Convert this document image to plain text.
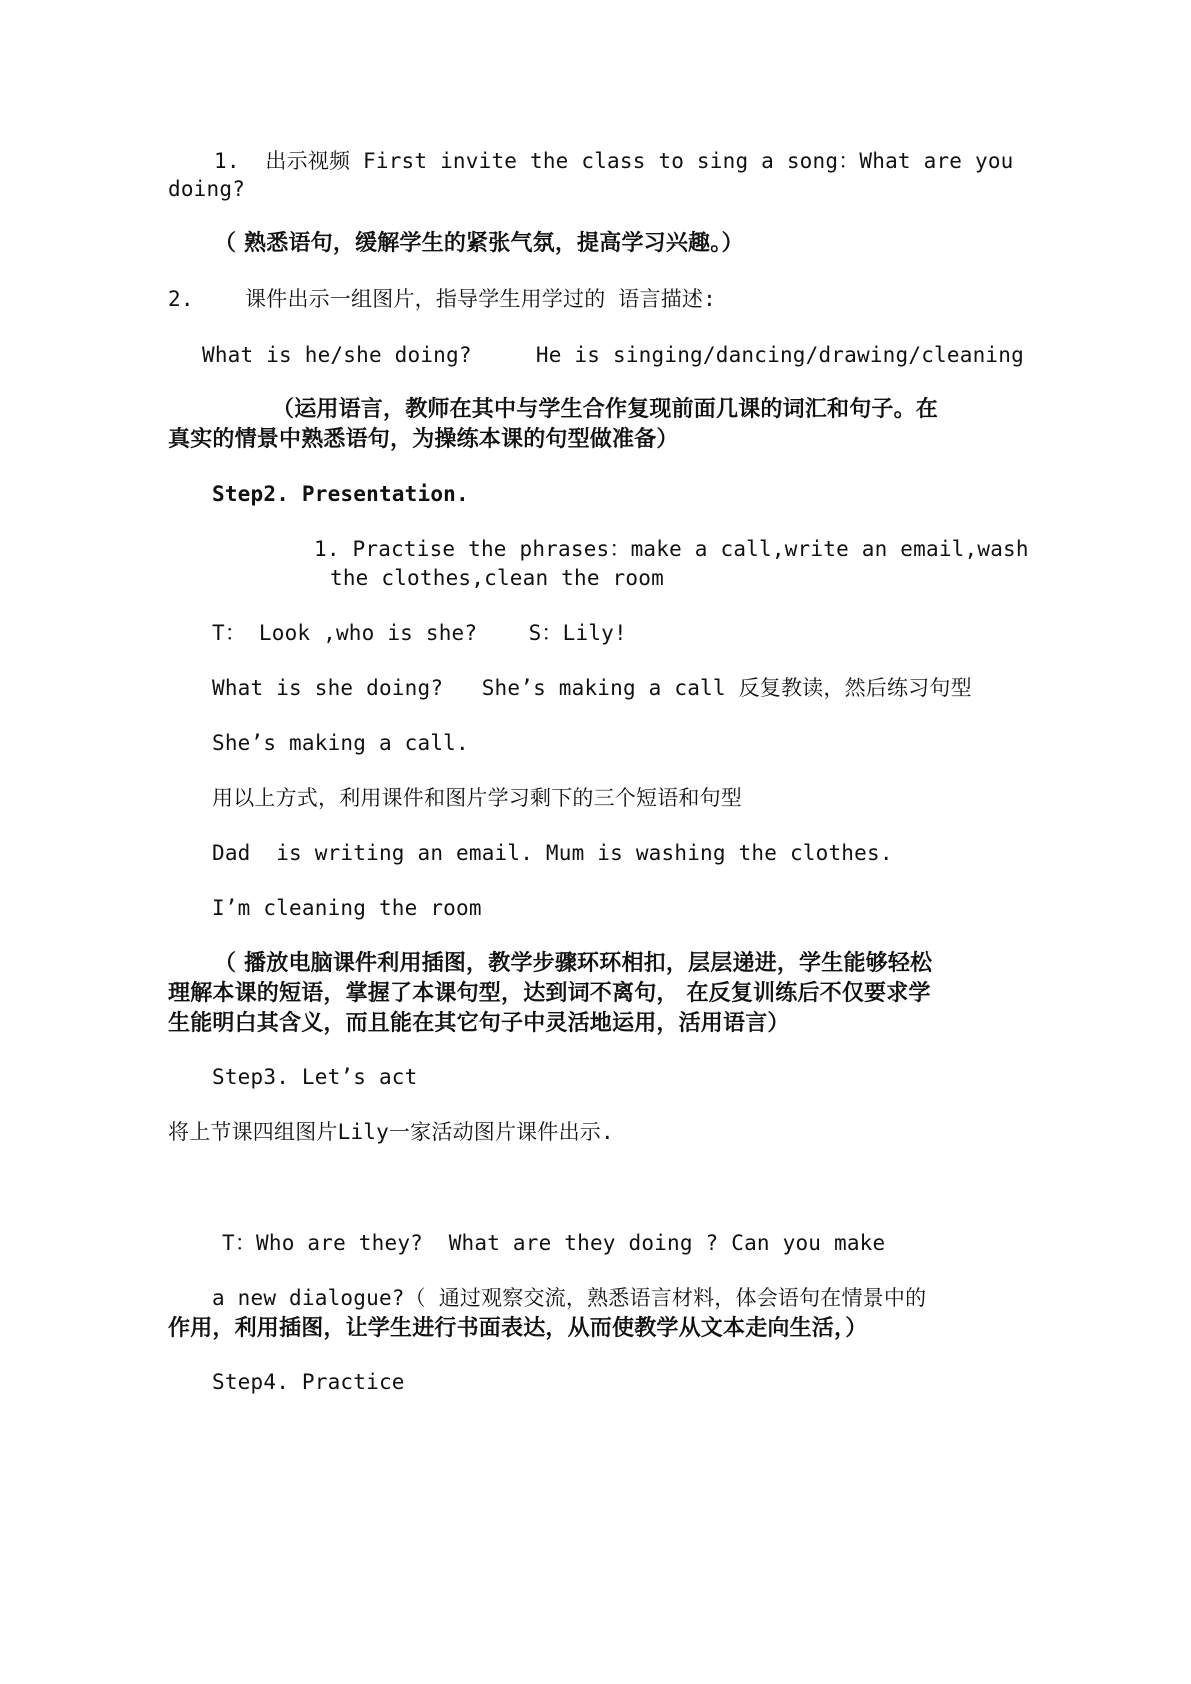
1.  出示视频 First invite the class to sing a song：What are you
doing?
（ 熟悉语句，缓解学生的紧张气氛，提高学习兴趣。）
2.    课件出示一组图片，指导学生用学过的 语言描述:
What is he/she doing?     He is singing/dancing/drawing/cleaning
（运用语言，教师在其中与学生合作复现前面几课的词汇和句子。在
真实的情景中熟悉语句，为操练本课的句型做准备）
Step2. Presentation.
1. Practise the phrases：make a call,write an email,wash
the clothes,clean the room
T： Look ,who is she?    S：Lily!
What is she doing?   She’s making a call 反复教读，然后练习句型
She’s making a call.
用以上方式，利用课件和图片学习剩下的三个短语和句型
Dad  is writing an email. Mum is washing the clothes.
I’m cleaning the room
（ 播放电脑课件利用插图，教学步骤环环相扣，层层递进，学生能够轻松
理解本课的短语，掌握了本课句型，达到词不离句， 在反复训练后不仅要求学
生能明白其含义，而且能在其它句子中灵活地运用，活用语言）
Step3. Let’s act
将上节课四组图片Lily一家活动图片课件出示.
T：Who are they?  What are they doing ? Can you make
a new dialogue?（ 通过观察交流，熟悉语言材料，体会语句在情景中的
作用，利用插图，让学生进行书面表达，从而使教学从文本走向生活，）
Step4. Practice
